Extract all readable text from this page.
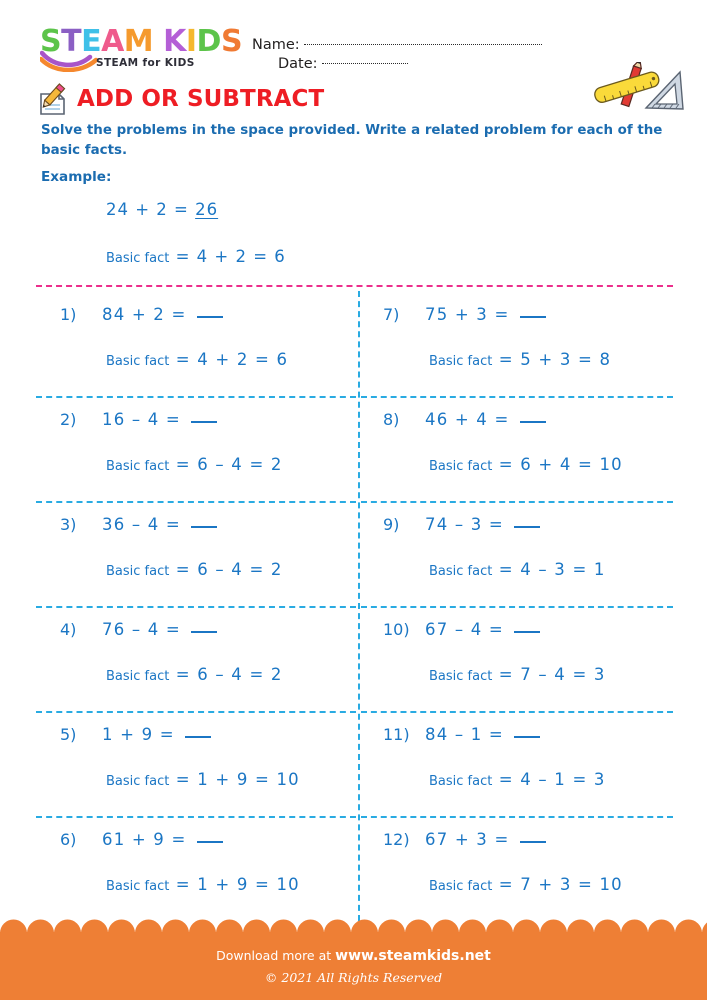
STEAM KIDS
STEAM for KIDS
Name: Date:
ADD OR SUBTRACT
Solve the problems in the space provided. Write a related problem for each of the basic facts.
Example:
24 + 2 = 26
Basic fact = 4 + 2 = 6
1) 84 + 2 =
Basic fact = 4 + 2 = 6
2) 16 – 4 =
Basic fact = 6 – 4 = 2
3) 36 – 4 =
Basic fact = 6 – 4 = 2
4) 76 – 4 =
Basic fact = 6 – 4 = 2
5) 1 + 9 =
Basic fact = 1 + 9 = 10
6) 61 + 9 =
Basic fact = 1 + 9 = 10
7) 75 + 3 =
Basic fact = 5 + 3 = 8
8) 46 + 4 =
Basic fact = 6 + 4 = 10
9) 74 – 3 =
Basic fact = 4 – 3 = 1
10) 67 – 4 =
Basic fact = 7 – 4 = 3
11) 84 – 1 =
Basic fact = 4 – 1 = 3
12) 67 + 3 =
Basic fact = 7 + 3 = 10
Download more at www.steamkids.net
© 2021 All Rights Reserved
